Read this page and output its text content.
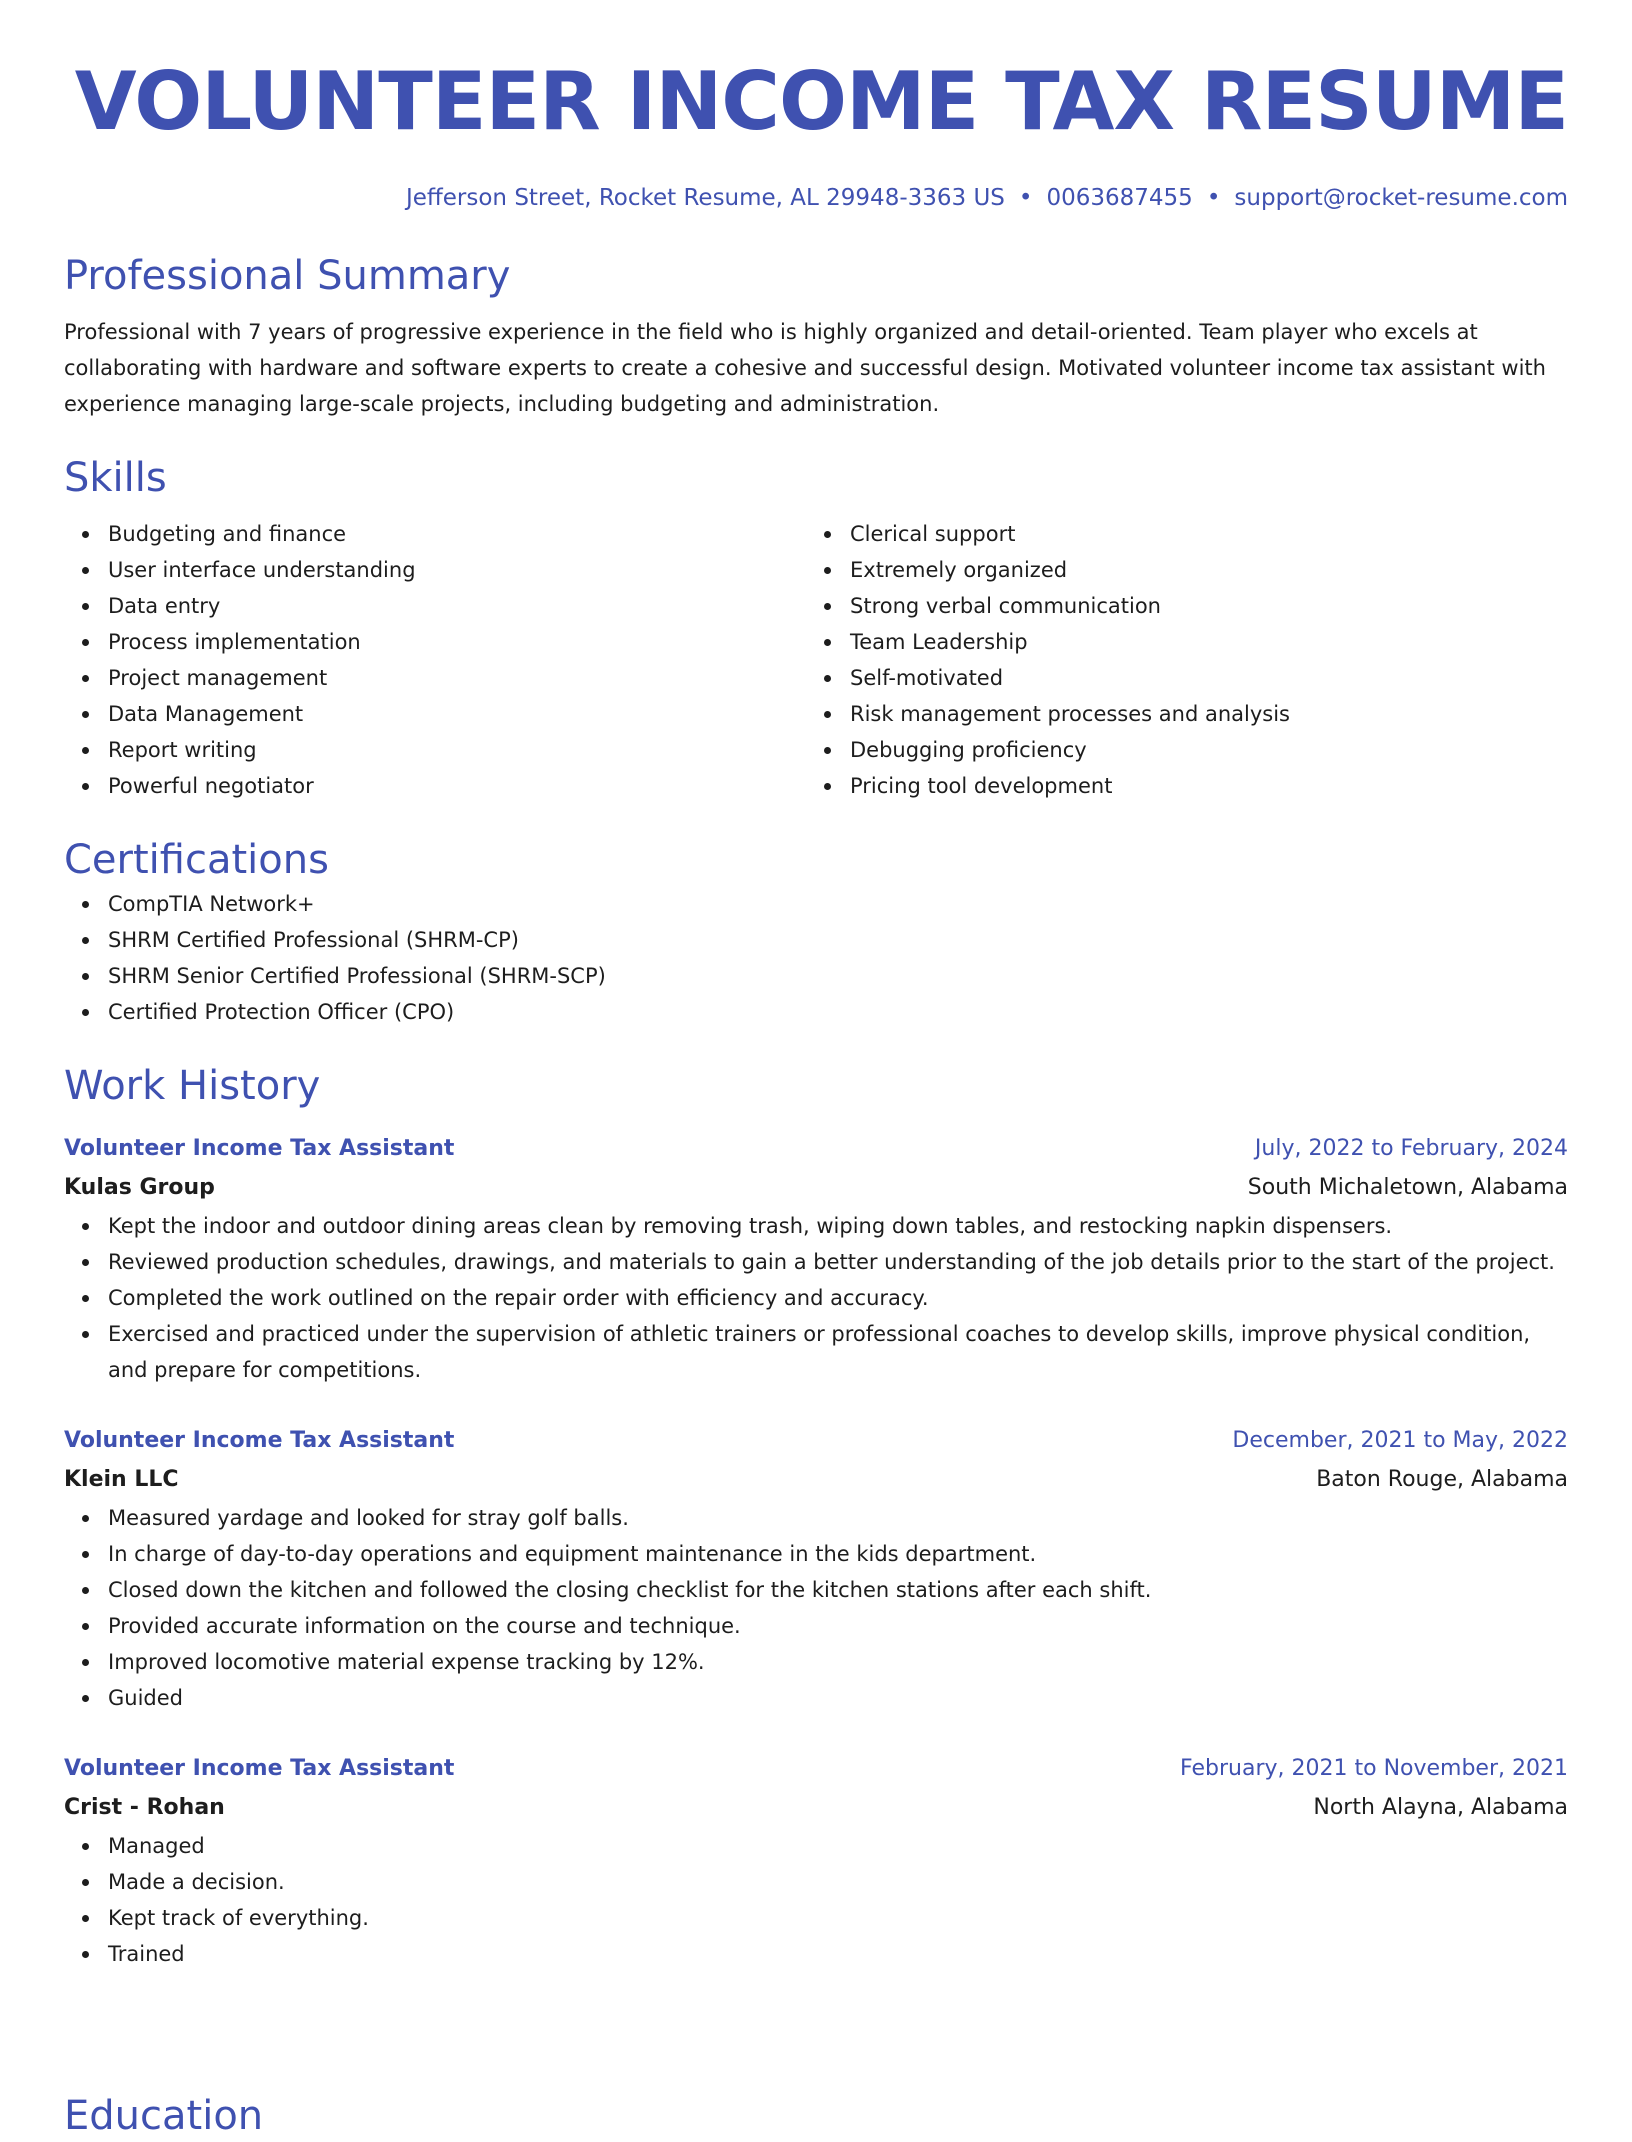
VOLUNTEER INCOME TAX RESUME
Jefferson Street, Rocket Resume, AL 29948-3363 US • 0063687455 • support@rocket-resume.com
Professional Summary
Professional with 7 years of progressive experience in the field who is highly organized and detail-oriented. Team player who excels at collaborating with hardware and software experts to create a cohesive and successful design. Motivated volunteer income tax assistant with experience managing large-scale projects, including budgeting and administration.
Skills
Budgeting and finance
User interface understanding
Data entry
Process implementation
Project management
Data Management
Report writing
Powerful negotiator
Clerical support
Extremely organized
Strong verbal communication
Team Leadership
Self-motivated
Risk management processes and analysis
Debugging proficiency
Pricing tool development
Certifications
CompTIA Network+
SHRM Certified Professional (SHRM-CP)
SHRM Senior Certified Professional (SHRM-SCP)
Certified Protection Officer (CPO)
Work History
Volunteer Income Tax Assistant	July, 2022 to February, 2024
Kulas Group	South Michaletown, Alabama
Kept the indoor and outdoor dining areas clean by removing trash, wiping down tables, and restocking napkin dispensers.
Reviewed production schedules, drawings, and materials to gain a better understanding of the job details prior to the start of the project.
Completed the work outlined on the repair order with efficiency and accuracy.
Exercised and practiced under the supervision of athletic trainers or professional coaches to develop skills, improve physical condition, and prepare for competitions.
Volunteer Income Tax Assistant	December, 2021 to May, 2022
Klein LLC	Baton Rouge, Alabama
Measured yardage and looked for stray golf balls.
In charge of day-to-day operations and equipment maintenance in the kids department.
Closed down the kitchen and followed the closing checklist for the kitchen stations after each shift.
Provided accurate information on the course and technique.
Improved locomotive material expense tracking by 12%.
Guided
Volunteer Income Tax Assistant	February, 2021 to November, 2021
Crist - Rohan	North Alayna, Alabama
Managed
Made a decision.
Kept track of everything.
Trained
Education
